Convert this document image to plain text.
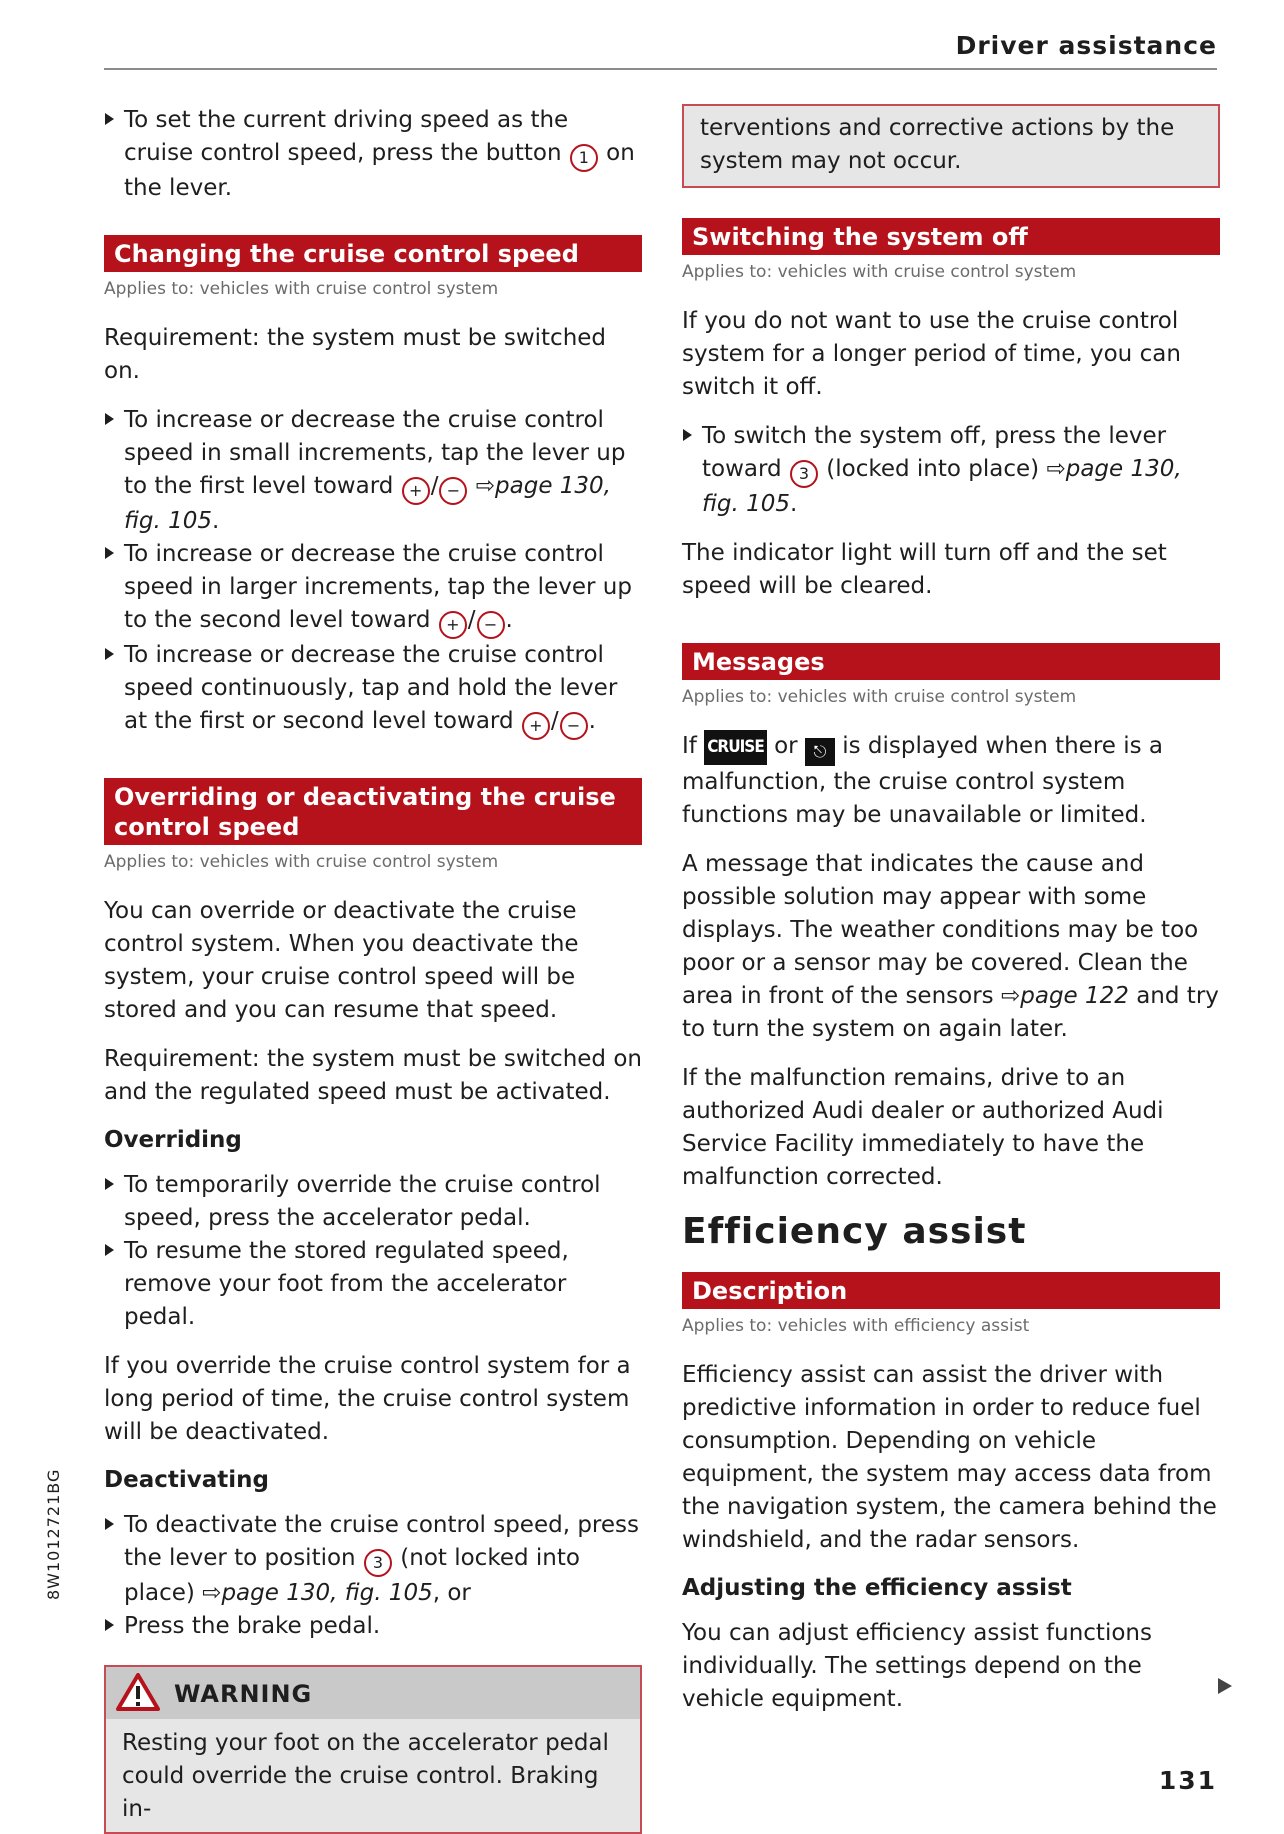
Driver assistance
To set the current driving speed as the cruise control speed, press the button 1 on the lever.
Changing the cruise control speed
Applies to: vehicles with cruise control system

Requirement: the system must be switched on.

To increase or decrease the cruise control speed in small increments, tap the lever up to the first level toward + / − ⇨page 130, fig. 105.
To increase or decrease the cruise control speed in larger increments, tap the lever up to the second level toward + / − .
To increase or decrease the cruise control speed continuously, tap and hold the lever at the first or second level toward + / − .
Overriding or deactivating the cruise control speed
Applies to: vehicles with cruise control system

You can override or deactivate the cruise control system. When you deactivate the system, your cruise control speed will be stored and you can resume that speed.

Requirement: the system must be switched on and the regulated speed must be activated.

Overriding
To temporarily override the cruise control speed, press the accelerator pedal.
To resume the stored regulated speed, remove your foot from the accelerator pedal.

If you override the cruise control system for a long period of time, the cruise control system will be deactivated.

Deactivating
To deactivate the cruise control speed, press the lever to position 3 (not locked into place) ⇨page 130, fig. 105, or
Press the brake pedal.
WARNING

Resting your foot on the accelerator pedal could override the cruise control. Braking in-

terventions and corrective actions by the system may not occur.

Switching the system off
Applies to: vehicles with cruise control system

If you do not want to use the cruise control system for a longer period of time, you can switch it off.

To switch the system off, press the lever toward 3 (locked into place) ⇨page 130, fig. 105.

The indicator light will turn off and the set speed will be cleared.

Messages
Applies to: vehicles with cruise control system

If CRUISE or ⎋ is displayed when there is a malfunction, the cruise control system functions may be unavailable or limited.

A message that indicates the cause and possible solution may appear with some displays. The weather conditions may be too poor or a sensor may be covered. Clean the area in front of the sensors ⇨page 122 and try to turn the system on again later.

If the malfunction remains, drive to an authorized Audi dealer or authorized Audi Service Facility immediately to have the malfunction corrected.

Efficiency assist
Description
Applies to: vehicles with efficiency assist

Efficiency assist can assist the driver with predictive information in order to reduce fuel consumption. Depending on vehicle equipment, the system may access data from the navigation system, the camera behind the windshield, and the radar sensors.

Adjusting the efficiency assist

You can adjust efficiency assist functions individually. The settings depend on the vehicle equipment.

8W1012721BG
131
